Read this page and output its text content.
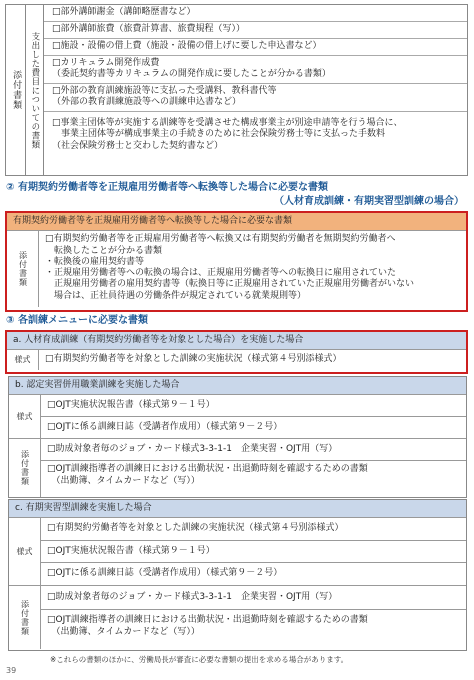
添付書類 支出した費目についての書類
□部外講師謝金（講師略歴書など）
□部外講師旅費（旅費計算書、旅費規程（写））
□施設・設備の借上費（施設・設備の借上げに要した申込書など）
□カリキュラム開発作成費
（委託契約書等カリキュラムの開発作成に要したことが分かる書類）
□外部の教育訓練施設等に支払った受講料、教科書代等
（外部の教育訓練施設等への訓練申込書など）
□事業主団体等が実施する訓練等を受講させた構成事業主が別途申請等を行う場合に、
　事業主団体等が構成事業主の手続きのために社会保険労務士等に支払った手数料
（社会保険労務士と交わした契約書など）
② 有期契約労働者等を正規雇用労働者等へ転換等した場合に必要な書類
（人材育成訓練・有期実習型訓練の場合）
有期契約労働者等を正規雇用労働者等へ転換等した場合に必要な書類
添付書類
□有期契約労働者等を正規雇用労働者等へ転換又は有期契約労働者を無期契約労働者へ
　転換したことが分かる書類
・転換後の雇用契約書等
・正規雇用労働者等への転換の場合は、正規雇用労働者等への転換日に雇用されていた
　正規雇用労働者の雇用契約書等（転換日等に正規雇用されていた正規雇用労働者がいない
　場合は、正社員待遇の労働条件が規定されている就業規則等）
③ 各訓練メニューに必要な書類
a. 人材育成訓練（有期契約労働者等を対象とした場合）を実施した場合
様式	□有期契約労働者等を対象とした訓練の実施状況（様式第４号別添様式）
b. 認定実習併用職業訓練を実施した場合
様式
□OJT実施状況報告書（様式第９－１号）
□OJTに係る訓練日誌（受講者作成用）（様式第９－２号）
添付書類
□助成対象者毎のジョブ・カード様式3-3-1-1　企業実習・OJT用（写）
□OJT訓練指導者の訓練日における出勤状況・出退勤時刻を確認するための書類
　（出勤簿、タイムカードなど（写））
c. 有期実習型訓練を実施した場合
様式
□有期契約労働者等を対象とした訓練の実施状況（様式第４号別添様式）
□OJT実施状況報告書（様式第９－１号）
□OJTに係る訓練日誌（受講者作成用）（様式第９－２号）
添付書類
□助成対象者毎のジョブ・カード様式3-3-1-1　企業実習・OJT用（写）
□OJT訓練指導者の訓練日における出勤状況・出退勤時刻を確認するための書類
　（出勤簿、タイムカードなど（写））
※これらの書類のほかに、労働局長が審査に必要な書類の提出を求める場合があります。
39
